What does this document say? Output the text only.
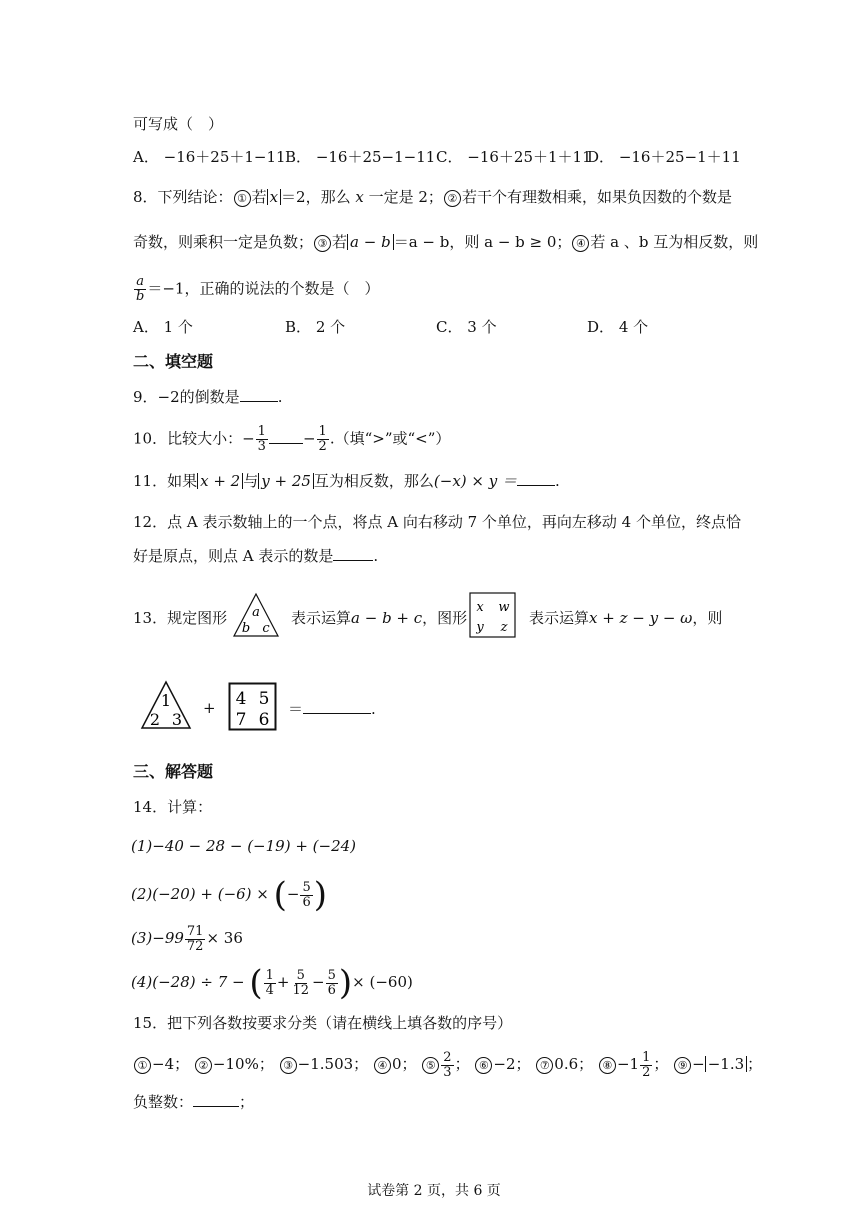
可写成（　）
A． −16＋25＋1−11 B． −16＋25−1−11 C． −16＋25＋1＋11
D． −16＋25−1＋11
8．下列结论： ① 若 x ＝2，那么 x 一定是 2； ② 若干个有理数相乘，如果负因数的个数是
奇数，则乘积一定是负数； ③ 若 a − b ＝a − b，则 a − b ≥ 0； ④ 若 a 、b 互为相反数，则
$\frac{a}{b} =-1$，正确的说法的个数是（　）
A． 1 个	B． 2 个	C． 3 个	D． 4 个
二、填空题
9．−2的倒数是	.
10．比较大小：− $\frac{1}{3} - \frac{1}{2}$ .（填“>”或“<”）
11．如果 x + 2 与 y + 25 互为相反数，那么(−x) × y ＝	.
12．点 A 表示数轴上的一个点，将点 A 向右移动 7 个单位，再向左移动 4 个单位，终点恰
好是原点，则点 A 表示的数是	.
13．规定图形 a
b c
表示运算a − b + c，图形
x w
y z
表示运算x + z − y − ω，则
1
2 3
+ 4 5
7 6
＝	.
三、解答题
14．计算：
(1)−40 − 28 − (−19) + (−24)
(2)(−20) + (−6) × (− $\frac{5}{6}$ )
$(3)-99 \frac{71}{72} \times 36$
(4)(−28) ÷ 7 − ( $\frac{1}{4} + \frac{5}{12} - \frac{5}{6}$ )× (−60)
15．把下列各数按要求分类（请在横线上填各数的序号）
① −4； ② −10%； ③ −1.503； ④ 0； ⑤ $\frac{2}{3}$ ； ⑥ −2； ⑦ 0.6； ⑧ $-1 \frac{1}{2}$ ； ⑨ − −1.3 ；
负整数：	；
试卷第 2 页，共 6 页
